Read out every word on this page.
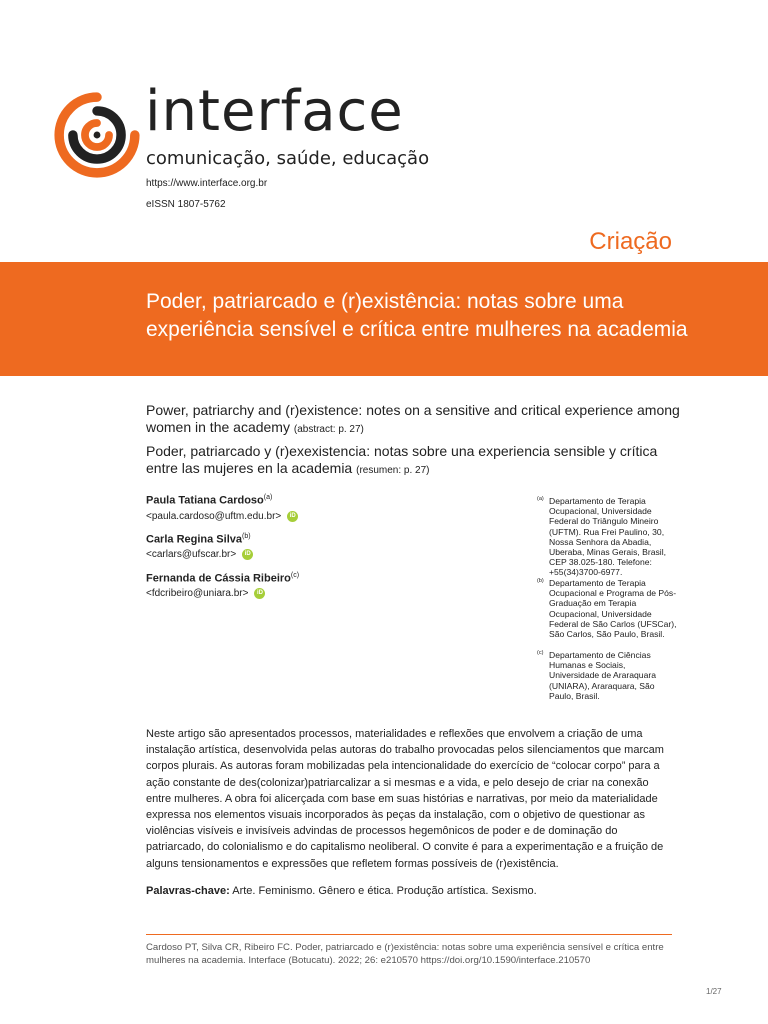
interface
comunicação, saúde, educação
https://www.interface.org.br
eISSN 1807-5762
Criação
Poder, patriarcado e (r)existência: notas sobre uma experiência sensível e crítica entre mulheres na academia
Power, patriarchy and (r)existence: notes on a sensitive and critical experience among women in the academy (abstract: p. 27)
Poder, patriarcado y (r)exexistencia: notas sobre una experiencia sensible y crítica entre las mujeres en la academia (resumen: p. 27)
Paula Tatiana Cardoso$^{(a)}$
<paula.cardoso@uftm.edu.br>	iD
Carla Regina Silva$^{(b)}$
<carlars@ufscar.br>	iD
Fernanda de Cássia Ribeiro$^{(c)}$
<fdcribeiro@uniara.br>	iD
(a) Departamento de Terapia Ocupacional, Universidade Federal do Triângulo Mineiro (UFTM). Rua Frei Paulino, 30, Nossa Senhora da Abadia, Uberaba, Minas Gerais, Brasil, CEP 38.025-180. Telefone: +55(34)3700-6977.
(b) Departamento de Terapia Ocupacional e Programa de Pós-Graduação em Terapia Ocupacional, Universidade Federal de São Carlos (UFSCar), São Carlos, São Paulo, Brasil.
(c) Departamento de Ciências Humanas e Sociais, Universidade de Araraquara (UNIARA), Araraquara, São Paulo, Brasil.

Neste artigo são apresentados processos, materialidades e reflexões que envolvem a criação de uma instalação artística, desenvolvida pelas autoras do trabalho provocadas pelos silenciamentos que marcam corpos plurais. As autoras foram mobilizadas pela intencionalidade do exercício de “colocar corpo” para a ação constante de des(colonizar)patriarcalizar a si mesmas e a vida, e pelo desejo de criar na conexão entre mulheres. A obra foi alicerçada com base em suas histórias e narrativas, por meio da materialidade expressa nos elementos visuais incorporados às peças da instalação, com o objetivo de questionar as violências visíveis e invisíveis advindas de processos hegemônicos de poder e de dominação do patriarcado, do colonialismo e do capitalismo neoliberal. O convite é para a experimentação e a fruição de alguns tensionamentos e expressões que refletem formas possíveis de (r)existência.

Palavras-chave: Arte. Feminismo. Gênero e ética. Produção artística. Sexismo.
Cardoso PT, Silva CR, Ribeiro FC. Poder, patriarcado e (r)existência: notas sobre uma experiência sensível e crítica entre mulheres na academia. Interface (Botucatu). 2022; 26: e210570 https://doi.org/10.1590/interface.210570
1/27
